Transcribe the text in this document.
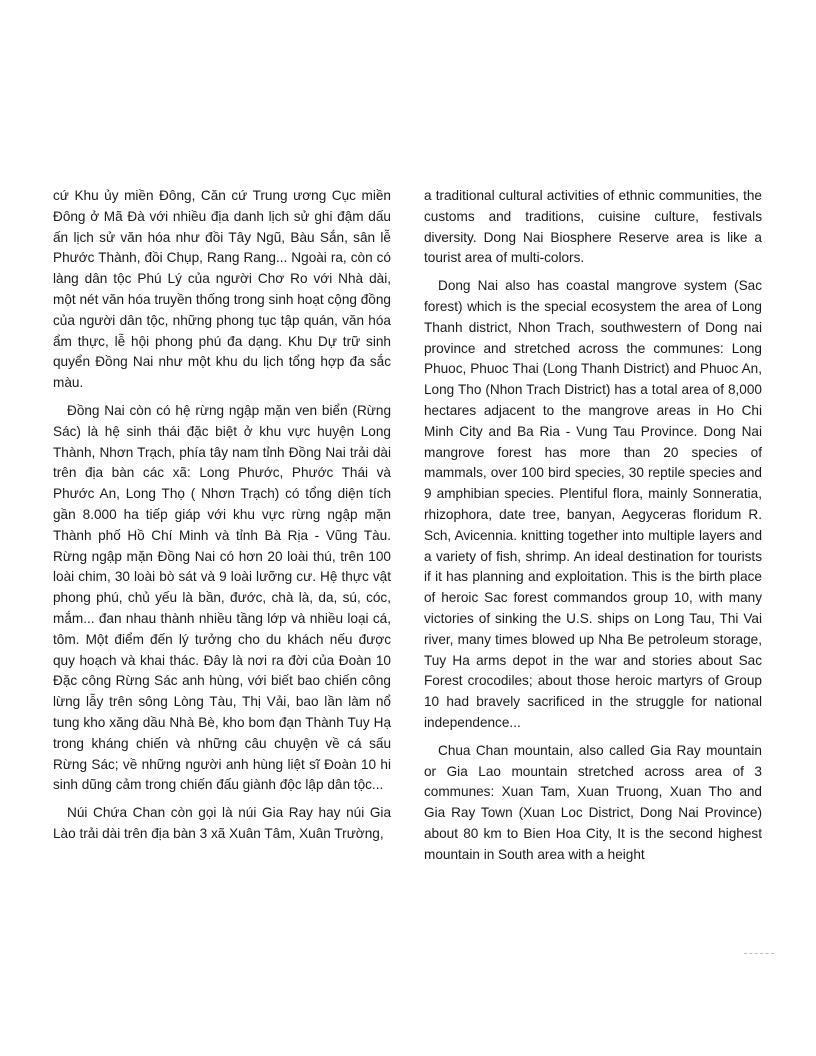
cứ Khu ủy miền Đông, Căn cứ Trung ương Cục miền Đông ở Mã Đà với nhiều địa danh lịch sử ghi đậm dấu ấn lịch sử văn hóa như đồi Tây Ngũ, Bàu Sắn, sân lễ Phước Thành, đồi Chụp, Rang Rang... Ngoài ra, còn có làng dân tộc Phú Lý của người Chơ Ro với Nhà dài, một nét văn hóa truyền thống trong sinh hoạt cộng đồng của người dân tộc, những phong tục tập quán, văn hóa ẩm thực, lễ hội phong phú đa dạng. Khu Dự trữ sinh quyển Đồng Nai như một khu du lịch tổng hợp đa sắc màu.

Đồng Nai còn có hệ rừng ngập mặn ven biển (Rừng Sác) là hệ sinh thái đặc biệt ở khu vực huyện Long Thành, Nhơn Trạch, phía tây nam tỉnh Đồng Nai trải dài trên địa bàn các xã: Long Phước, Phước Thái và Phước An, Long Thọ ( Nhơn Trạch) có tổng diện tích gần 8.000 ha tiếp giáp với khu vực rừng ngập mặn Thành phố Hồ Chí Minh và tỉnh Bà Rịa - Vũng Tàu. Rừng ngập mặn Đồng Nai có hơn 20 loài thú, trên 100 loài chim, 30 loài bò sát và 9 loài lưỡng cư. Hệ thực vật phong phú, chủ yếu là bần, đước, chà là, da, sú, cóc, mắm... đan nhau thành nhiều tầng lớp và nhiều loại cá, tôm. Một điểm đến lý tưởng cho du khách nếu được quy hoạch và khai thác. Đây là nơi ra đời của Đoàn 10 Đặc công Rừng Sác anh hùng, với biết bao chiến công lừng lẫy trên sông Lòng Tàu, Thị Vải, bao lần làm nổ tung kho xăng dầu Nhà Bè, kho bom đạn Thành Tuy Hạ trong kháng chiến và những câu chuyện về cá sấu Rừng Sác; về những người anh hùng liệt sĩ Đoàn 10 hi sinh dũng cảm trong chiến đấu giành độc lập dân tộc...

Núi Chứa Chan còn gọi là núi Gia Ray hay núi Gia Lào trải dài trên địa bàn 3 xã Xuân Tâm, Xuân Trường,

a traditional cultural activities of ethnic communities, the customs and traditions, cuisine culture, festivals diversity. Dong Nai Biosphere Reserve area is like a tourist area of multi-colors.

Dong Nai also has coastal mangrove system (Sac forest) which is the special ecosystem the area of Long Thanh district, Nhon Trach, southwestern of Dong nai province and stretched across the communes: Long Phuoc, Phuoc Thai (Long Thanh District) and Phuoc An, Long Tho (Nhon Trach District) has a total area of 8,000 hectares adjacent to the mangrove areas in Ho Chi Minh City and Ba Ria - Vung Tau Province. Dong Nai mangrove forest has more than 20 species of mammals, over 100 bird species, 30 reptile species and 9 amphibian species. Plentiful flora, mainly Sonneratia, rhizophora, date tree, banyan, Aegyceras floridum R. Sch, Avicennia. knitting together into multiple layers and a variety of fish, shrimp. An ideal destination for tourists if it has planning and exploitation. This is the birth place of heroic Sac forest commandos group 10, with many victories of sinking the U.S. ships on Long Tau, Thi Vai river, many times blowed up Nha Be petroleum storage, Tuy Ha arms depot in the war and stories about Sac Forest crocodiles; about those heroic martyrs of Group 10 had bravely sacrificed in the struggle for national independence...

Chua Chan mountain, also called Gia Ray mountain or Gia Lao mountain stretched across area of 3 communes: Xuan Tam, Xuan Truong, Xuan Tho and Gia Ray Town (Xuan Loc District, Dong Nai Province) about 80 km to Bien Hoa City, It is the second highest mountain in South area with a height
